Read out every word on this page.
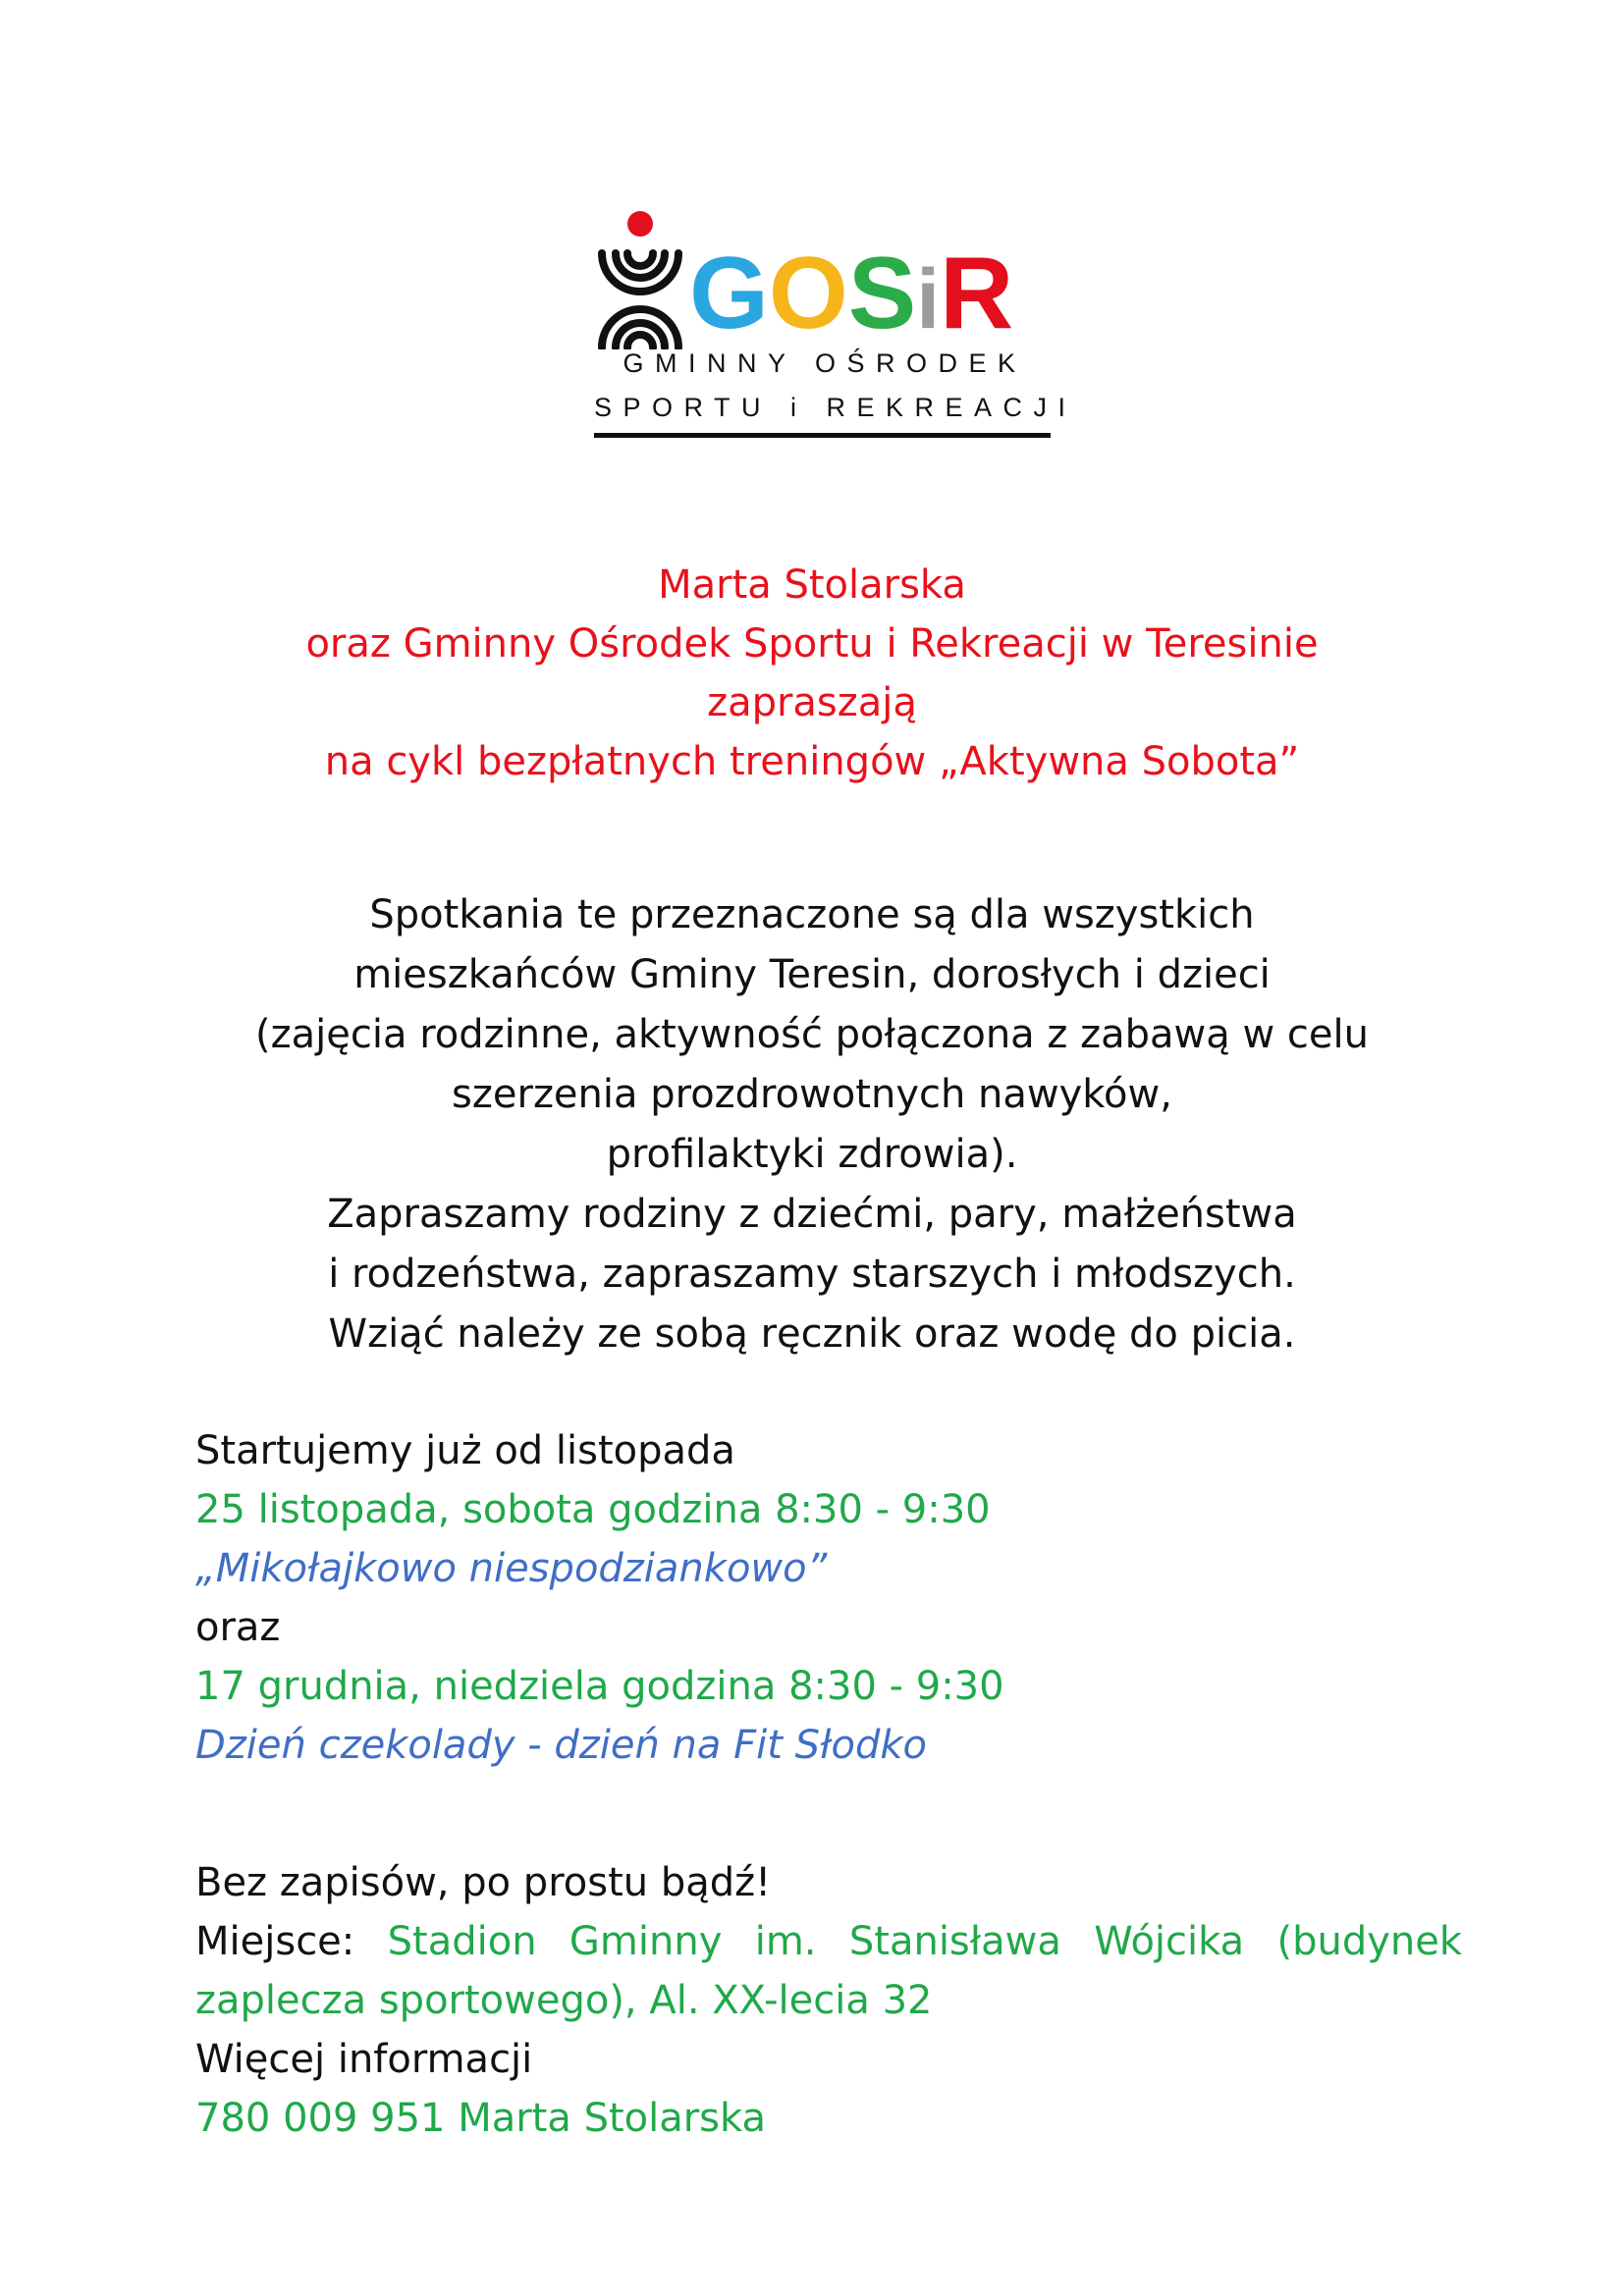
GOSiR
GMINNY OŚRODEK
SPORTU i REKREACJI

Marta Stolarska

oraz Gminny Ośrodek Sportu i Rekreacji w Teresinie

zapraszają

na cykl bezpłatnych treningów „Aktywna Sobota”

Spotkania te przeznaczone są dla wszystkich

mieszkańców Gminy Teresin, dorosłych i dzieci

(zajęcia rodzinne, aktywność połączona z zabawą w celu

szerzenia prozdrowotnych nawyków,

profilaktyki zdrowia).

Zapraszamy rodziny z dziećmi, pary, małżeństwa

i rodzeństwa, zapraszamy starszych i młodszych.

Wziąć należy ze sobą ręcznik oraz wodę do picia.

Startujemy już od listopada

25 listopada, sobota godzina 8:30 - 9:30

„Mikołajkowo niespodziankowo”

oraz

17 grudnia, niedziela godzina 8:30 - 9:30

Dzień czekolady - dzień na Fit Słodko

Bez zapisów, po prostu bądź!

Miejsce: Stadion Gminny im. Stanisława Wójcika (budynek

zaplecza sportowego), Al. XX-lecia 32

Więcej informacji

780 009 951 Marta Stolarska
